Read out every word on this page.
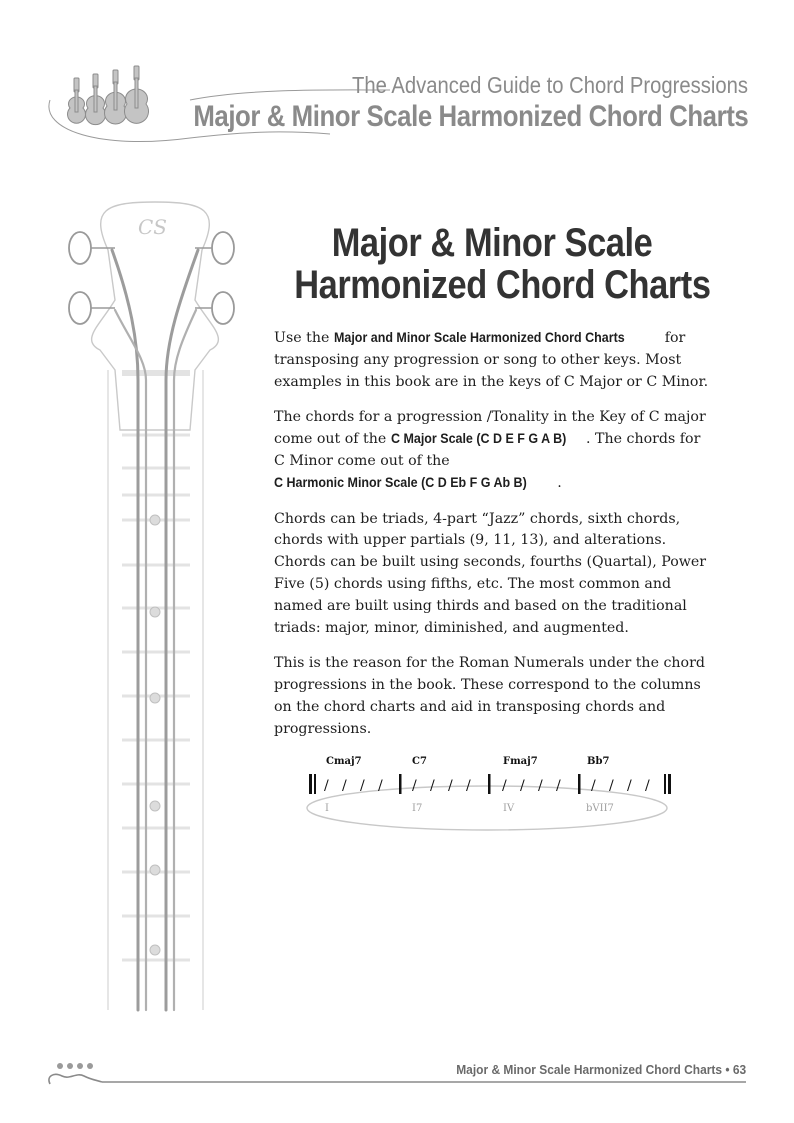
The Advanced Guide to Chord Progressions
Major & Minor Scale Harmonized Chord Charts
CS	Major & Minor Scale
Harmonized Chord Charts

Use the Major and Minor Scale Harmonized Chord Charts	for transposing any progression or song to other keys. Most examples in this book are in the keys of C Major or C Minor.

The chords for a progression /Tonality in the Key of C major come out of the C Major Scale (C D E F G A B) . The chords for C Minor come out of the C Harmonic Minor Scale (C D Eb F G Ab B) .

Chords can be triads, 4-part “Jazz” chords, sixth chords, chords with upper partials (9, 11, 13), and alterations. Chords can be built using seconds, fourths (Quartal), Power Five (5) chords using fifths, etc. The most common and named are built using thirds and based on the traditional triads: major, minor, diminished, and augmented.

This is the reason for the Roman Numerals under the chord progressions in the book. These correspond to the columns on the chord charts and aid in transposing chords and progressions.

/ / / / / / / / / / / / / / / /
Cmaj7	C7	Fmaj7	Bb7
I	I7	IV	bVII7
Major & Minor Scale Harmonized Chord Charts • 63
